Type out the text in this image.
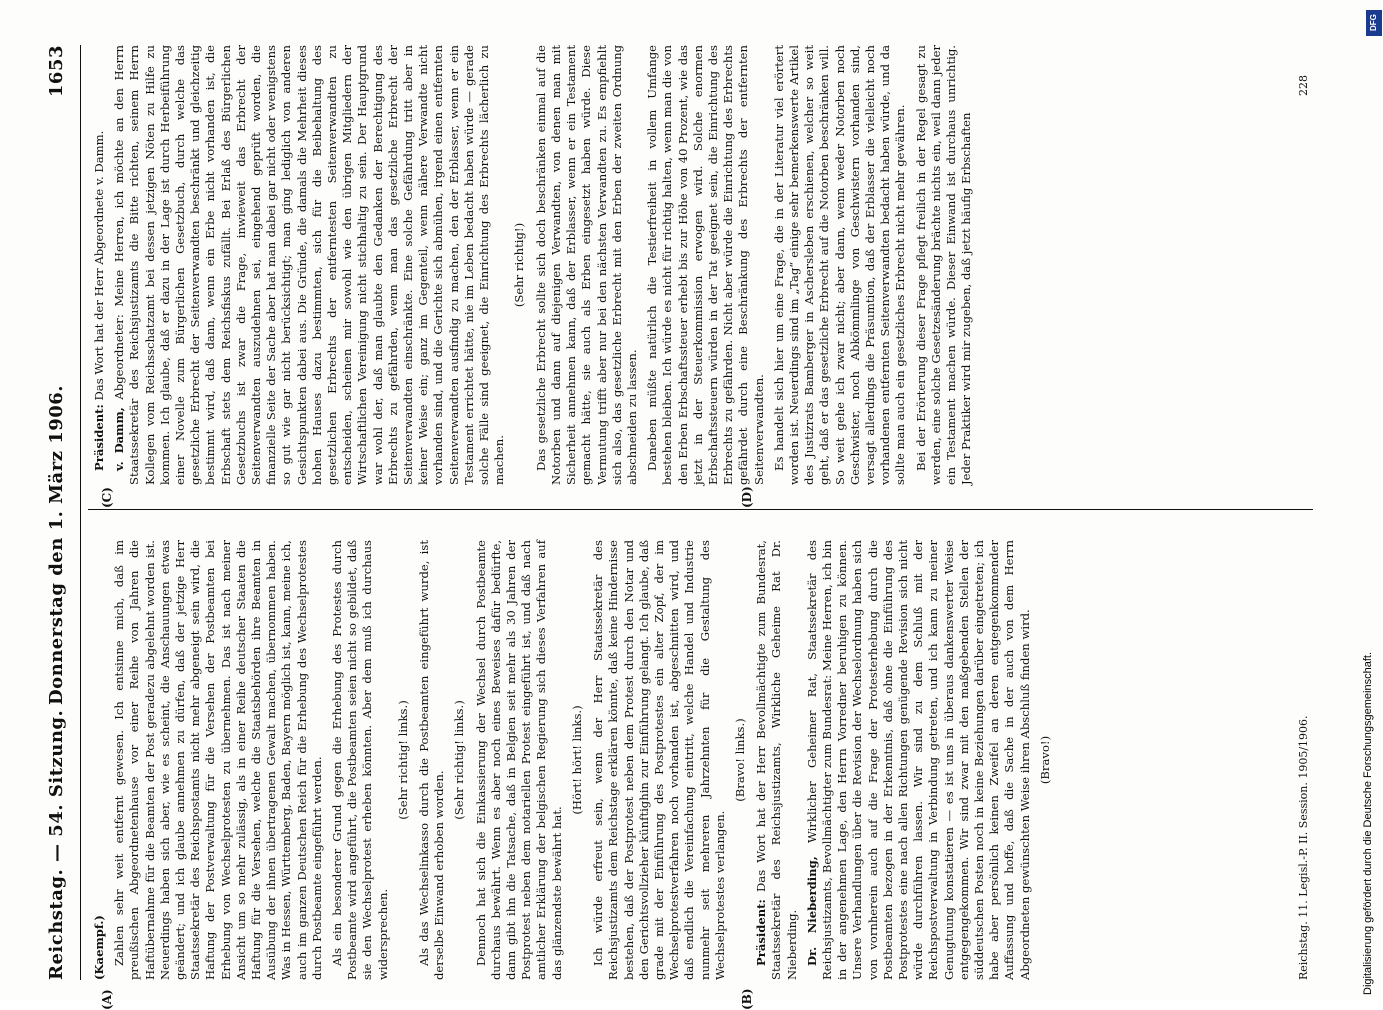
Reichstag. — 54. Sitzung.
Donnerstag den 1. März 1906.
1653
(A)	(B)
(C)	(D)

(Kaempf.) Zahlen sehr weit entfernt gewesen. Ich entsinne mich, daß im preußischen Abgeordnetenhause vor einer Reihe von Jahren die Haftübernahme für die Beamten der Post geradezu abgelehnt worden ist. Neuerdings haben sich aber, wie es scheint, die Anschauungen etwas geändert; und ich glaube annehmen zu dürfen, daß der jetzige Herr Staatssekretär des Reichspostamts nicht mehr abgeneigt sein wird, die Haftung der Postverwaltung für die Versehen der Postbeamten bei Erhebung von Wechselprotesten zu übernehmen. Das ist nach meiner Ansicht um so mehr zulässig, als in einer Reihe deutscher Staaten die Haftung für die Versehen, welche die Staatsbehörden ihre Beamten in Ausübung der ihnen übertragenen Gewalt machen, übernommen haben. Was in Hessen, Württemberg, Baden, Bayern möglich ist, kann, meine ich, auch im ganzen Deutschen Reich für die Erhebung des Wechselprotestes durch Postbeamte eingeführt werden. Als ein besonderer Grund gegen die Erhebung des Protestes durch Postbeamte wird angeführt, die Postbeamten seien nicht so gebildet, daß sie den Wechselprotest erheben könnten. Aber dem muß ich durchaus widersprechen.

(Sehr richtig! links.) Als das Wechselinkasso durch die Postbeamten eingeführt wurde, ist derselbe Einwand erhoben worden.

(Sehr richtig! links.) Dennoch hat sich die Einkassierung der Wechsel durch Postbeamte durchaus bewährt. Wenn es aber noch eines Beweises dafür bedürfte, dann gibt ihn die Tatsache, daß in Belgien seit mehr als 30 Jahren der Postprotest neben dem notariellen Protest eingeführt ist, und daß nach amtlicher Erklärung der belgischen Regierung sich dieses Verfahren auf das glänzendste bewährt hat.

(Hört! hört! links.) Ich würde erfreut sein, wenn der Herr Staatssekretär des Reichsjustizamts dem Reichstage erklären könnte, daß keine Hindernisse bestehen, daß der Postprotest neben dem Protest durch den Notar und den Gerichtsvollzieher künftighin zur Einführung gelangt. Ich glaube, daß grade mit der Einführung des Postprotestes ein alter Zopf, der im Wechselprotestverfahren noch vorhanden ist, abgeschnitten wird, und daß endlich die Vereinfachung eintritt, welche Handel und Industrie nunmehr seit mehreren Jahrzehnten für die Gestaltung des Wechselprotestes verlangen.

(Bravo! links.)

Präsident: Das Wort hat der Herr Bevollmächtigte zum Bundesrat, Staatssekretär des Reichsjustizamts, Wirkliche Geheime Rat Dr. Nieberding. Dr. Nieberding, Wirklicher Geheimer Rat, Staatssekretär des Reichsjustizamts, Bevollmächtigter zum Bundesrat: Meine Herren, ich bin in der angenehmen Lage, den Herrn Vorredner beruhigen zu können. Unsere Verhandlungen über die Revision der Wechselordnung haben sich von vornherein auch auf die Frage der Protesterhebung durch die Postbeamten bezogen in der Erkenntnis, daß ohne die Einführung des Postprotestes eine nach allen Richtungen genügende Revision sich nicht würde durchführen lassen. Wir sind zu dem Schluß mit der Reichspostverwaltung in Verbindung getreten, und ich kann zu meiner Genugtuung konstatieren — es ist uns in überaus dankenswerter Weise entgegengekommen. Wir sind zwar mit den maßgebenden Stellen der süddeutschen Posten noch in keine Beziehungen darüber eingetreten; ich habe aber persönlich keinen Zweifel an deren entgegenkommender Auffassung und hoffe, daß die Sache in der auch von dem Herrn Abgeordneten gewünschten Weise ihren Abschluß finden wird. (Bravo!)

Präsident: Das Wort hat der Herr Abgeordnete v. Damm.

v. Damm, Abgeordneter: Meine Herren, ich möchte an den Herrn Staatssekretär des Reichsjustizamts die Bitte richten, seinem Herrn Kollegen vom Reichsschatzamt bei dessen jetzigen Nöten zu Hilfe zu kommen. Ich glaube, daß er dazu in der Lage ist durch Herbeiführung einer Novelle zum Bürgerlichen Gesetzbuch, durch welche das gesetzliche Erbrecht der Seitenverwandten beschränkt und gleichzeitig bestimmt wird, daß dann, wenn ein Erbe nicht vorhanden ist, die Erbschaft stets dem Reichsfiskus zufällt. Bei Erlaß des Bürgerlichen Gesetzbuchs ist zwar die Frage, inwieweit das Erbrecht der Seitenverwandten auszudehnen sei, eingehend geprüft worden, die finanzielle Seite der Sache aber hat man dabei gar nicht oder wenigstens so gut wie gar nicht berücksichtigt; man ging lediglich von anderen Gesichtspunkten dabei aus. Die Gründe, die damals die Mehrheit dieses hohen Hauses dazu bestimmten, sich für die Beibehaltung des gesetzlichen Erbrechts der entferntesten Seitenverwandten zu entscheiden, scheinen mir sowohl wie den übrigen Mitgliedern der Wirtschaftlichen Vereinigung nicht stichhaltig zu sein. Der Hauptgrund war wohl der, daß man glaubte den Gedanken der Berechtigung des Erbrechts zu gefährden, wenn man das gesetzliche Erbrecht der Seitenverwandten einschränkte. Eine solche Gefährdung tritt aber in keiner Weise ein; ganz im Gegenteil, wenn nähere Verwandte nicht vorhanden sind, und die Gerichte sich abmühen, irgend einen entfernten Seitenverwandten ausfindig zu machen, den der Erblasser, wenn er ein Testament errichtet hätte, nie im Leben bedacht haben würde — gerade solche Fälle sind geeignet, die Einrichtung des Erbrechts lächerlich zu machen.

(Sehr richtig!) Das gesetzliche Erbrecht sollte sich doch beschränken einmal auf die Notorben und dann auf diejenigen Verwandten, von denen man mit Sicherheit annehmen kann, daß der Erblasser, wenn er ein Testament gemacht hätte, sie auch als Erben eingesetzt haben würde. Diese Vermutung trifft aber nur bei den nächsten Verwandten zu. Es empfiehlt sich also, das gesetzliche Erbrecht mit den Erben der zweiten Ordnung abschneiden zu lassen. Daneben müßte natürlich die Testierfreiheit in vollem Umfange bestehen bleiben. Ich würde es nicht für richtig halten, wenn man die von den Erben Erbschaftssteuer erhebt bis zur Höhe von 40 Prozent, wie das jetzt in der Steuerkommission erwogen wird. Solche enormen Erbschaftssteuern würden in der Tat geeignet sein, die Einrichtung des Erbrechts zu gefährden. Nicht aber würde die Einrichtung des Erbrechts gefährdet durch eine Beschränkung des Erbrechts der entfernten Seitenverwandten. Es handelt sich hier um eine Frage, die in der Literatur viel erörtert worden ist. Neuerdings sind im „Tag“ einige sehr bemerkenswerte Artikel des Justizrats Bamberger in Aschersleben erschienen, welcher so weit geht, daß er das gesetzliche Erbrecht auf die Notorben beschränken will. So weit gehe ich zwar nicht; aber dann, wenn weder Notorben noch Geschwister, noch Abkömmlinge von Geschwistern vorhanden sind, versagt allerdings die Präsumtion, daß der Erblasser die vielleicht noch vorhandenen entfernten Seitenverwandten bedacht haben würde, und da sollte man auch ein gesetzliches Erbrecht nicht mehr gewähren. Bei der Erörterung dieser Frage pflegt freilich in der Regel gesagt zu werden, eine solche Gesetzesänderung brächte nichts ein, weil dann jeder ein Testament machen würde. Dieser Einwand ist durchaus unrichtig. Jeder Praktiker wird mir zugeben, daß jetzt häufig Erbschaften

Reichstag. 11. Legisl.-P. II. Session. 1905/1906.
228
Digitalisierung gefördert durch die Deutsche Forschungsgemeinschaft.
DFG
